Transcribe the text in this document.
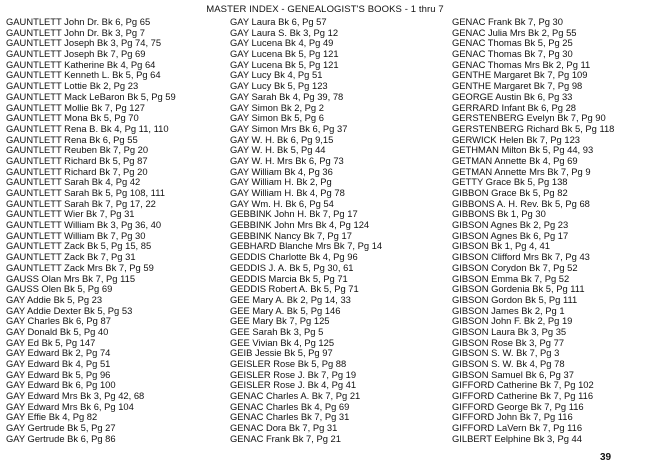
MASTER INDEX - GENEALOGIST'S BOOKS - 1 thru 7
GAUNTLETT John Dr. Bk 6, Pg 65
GAUNTLETT John Dr. Bk 3, Pg 7
GAUNTLETT Joseph Bk 3, Pg 74, 75
GAUNTLETT Joseph Bk 7, Pg 69
GAUNTLETT Katherine Bk 4, Pg 64
GAUNTLETT Kenneth L. Bk 5, Pg 64
GAUNTLETT Lottie Bk 2, Pg 23
GAUNTLETT Mack LeBaron Bk 5, Pg 59
GAUNTLETT Mollie Bk 7, Pg 127
GAUNTLETT Mona Bk 5, Pg 70
GAUNTLETT Rena B. Bk 4, Pg 11, 110
GAUNTLETT Rena Bk 6, Pg 55
GAUNTLETT Reuben Bk 7, Pg 20
GAUNTLETT Richard Bk 5, Pg 87
GAUNTLETT Richard Bk 7, Pg 20
GAUNTLETT Sarah Bk 4, Pg 42
GAUNTLETT Sarah Bk 5, Pg 108, 111
GAUNTLETT Sarah Bk 7, Pg 17, 22
GAUNTLETT Wier Bk 7, Pg 31
GAUNTLETT William Bk 3, Pg 36, 40
GAUNTLETT William Bk 7, Pg 30
GAUNTLETT Zack Bk 5, Pg 15, 85
GAUNTLETT Zack Bk 7, Pg 31
GAUNTLETT Zack Mrs Bk 7, Pg 59
GAUSS Olan Mrs Bk 7, Pg 115
GAUSS Olen Bk 5, Pg 69
GAY Addie Bk 5, Pg 23
GAY Addie Dexter Bk 5, Pg 53
GAY Charles Bk 6, Pg 87
GAY Donald Bk 5, Pg 40
GAY Ed Bk 5, Pg 147
GAY Edward Bk 2, Pg 74
GAY Edward Bk 4, Pg 51
GAY Edward Bk 5, Pg 96
GAY Edward Bk 6, Pg 100
GAY Edward Mrs Bk 3, Pg 42, 68
GAY Edward Mrs Bk 6, Pg 104
GAY Effie Bk 4, Pg 82
GAY Gertrude Bk 5, Pg 27
GAY Gertrude Bk 6, Pg 86
GAY Laura Bk 6, Pg 57
GAY Laura S. Bk 3, Pg 12
GAY Lucena Bk 4, Pg 49
GAY Lucena Bk 5, Pg 121
GAY Lucena Bk 5, Pg 121
GAY Lucy Bk 4, Pg 51
GAY Lucy Bk 5, Pg 123
GAY Sarah Bk 4, Pg 39, 78
GAY Simon Bk 2, Pg 2
GAY Simon Bk 5, Pg 6
GAY Simon Mrs Bk 6, Pg 37
GAY W. H. Bk 6, Pg 9,15
GAY W. H. Bk 5, Pg 44
GAY W. H. Mrs Bk 6, Pg 73
GAY William Bk 4, Pg 36
GAY William H. Bk 2, Pg
GAY William H. Bk 4, Pg 78
GAY Wm. H. Bk 6, Pg 54
GEBBINK John H. Bk 7, Pg 17
GEBBINK John Mrs Bk 4, Pg 124
GEBBINK Nancy Bk 7, Pg 17
GEBHARD Blanche Mrs Bk 7, Pg 14
GEDDIS Charlotte Bk 4, Pg 96
GEDDIS J. A. Bk 5, Pg 30, 61
GEDDIS Marcia Bk 5, Pg 71
GEDDIS Robert A. Bk 5, Pg 71
GEE Mary A. Bk 2, Pg 14, 33
GEE Mary A. Bk 5, Pg 146
GEE Mary Bk 7, Pg 125
GEE Sarah Bk 3, Pg 5
GEE Vivian Bk 4, Pg 125
GEIB Jessie Bk 5, Pg 97
GEISLER Rose Bk 5, Pg 88
GEISLER Rose J. Bk 7, Pg 19
GEISLER Rose J. Bk 4, Pg 41
GENAC Charles A. Bk 7, Pg 21
GENAC Charles Bk 4, Pg 69
GENAC Charles Bk 7, Pg 31
GENAC Dora Bk 7, Pg 31
GENAC Frank Bk 7, Pg 21
GENAC Frank Bk 7, Pg 30
GENAC Julia Mrs Bk 2, Pg 55
GENAC Thomas Bk 5, Pg 25
GENAC Thomas Bk 7, Pg 30
GENAC Thomas Mrs Bk 2, Pg 11
GENTHE Margaret Bk 7, Pg 109
GENTHE Margaret Bk 7, Pg 98
GEORGE Austin Bk 6, Pg 33
GERRARD Infant Bk 6, Pg 28
GERSTENBERG Evelyn Bk 7, Pg 90
GERSTENBERG Richard Bk 5, Pg 118
GERWICK Helen Bk 7, Pg 123
GETHMAN Milton Bk 5, Pg 44, 93
GETMAN Annette Bk 4, Pg 69
GETMAN Annette Mrs Bk 7, Pg 9
GETTY Grace Bk 5, Pg 138
GIBBON Grace Bk 5, Pg 82
GIBBONS A. H. Rev. Bk 5, Pg 68
GIBBONS Bk 1, Pg 30
GIBSON Agnes Bk 2, Pg 23
GIBSON Agnes Bk 6, Pg 17
GIBSON Bk 1, Pg 4, 41
GIBSON Clifford Mrs Bk 7, Pg 43
GIBSON Corydon Bk 7, Pg 52
GIBSON Emma Bk 7, Pg 52
GIBSON Gordenia Bk 5, Pg 111
GIBSON Gordon Bk 5, Pg 111
GIBSON James Bk 2, Pg 1
GIBSON John F. Bk 2, Pg 19
GIBSON Laura Bk 3, Pg 35
GIBSON Rose Bk 3, Pg 77
GIBSON S. W. Bk 7, Pg 3
GIBSON S. W. Bk 4, Pg 78
GIBSON Samuel Bk 6, Pg 37
GIFFORD Catherine Bk 7, Pg 102
GIFFORD Catherine Bk 7, Pg 116
GIFFORD George Bk 7, Pg 116
GIFFORD John Bk 7, Pg 116
GIFFORD LaVern Bk 7, Pg 116
GILBERT Eelphine Bk 3, Pg 44
39
